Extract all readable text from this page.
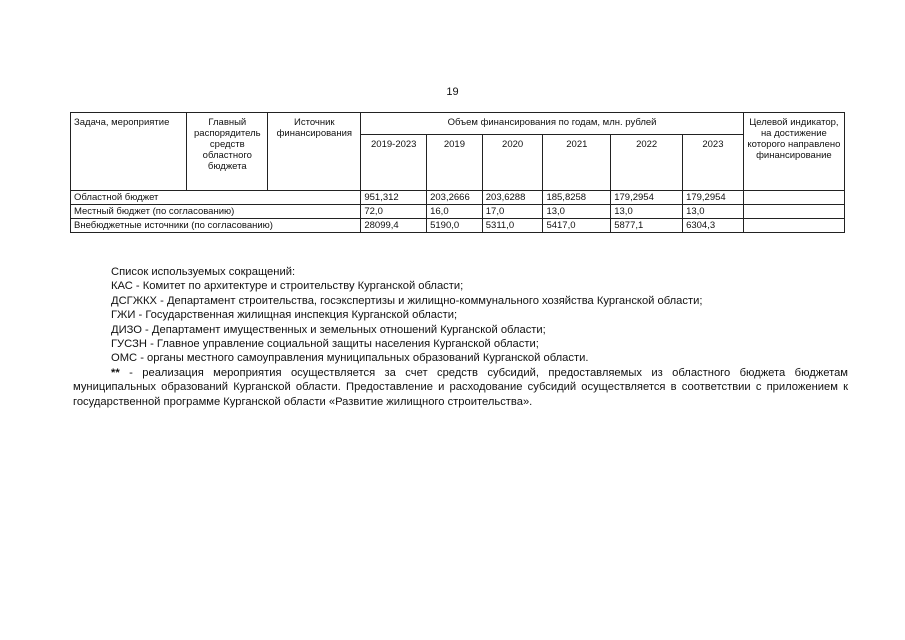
19
Задача, мероприятие	Главный распорядитель средств областного бюджета	Источник финансирования	Объем финансирования по годам, млн. рублей						Целевой индикатор, на достижение которого направлено финансирование
			2019-2023	2019	2020	2021	2022	2023	
Областной бюджет			951,312	203,2666	203,6288	185,8258	179,2954	179,2954	
Местный бюджет (по согласованию)			72,0	16,0	17,0	13,0	13,0	13,0	
Внебюджетные источники (по согласованию)			28099,4	5190,0	5311,0	5417,0	5877,1	6304,3	

Список используемых сокращений:

КАС - Комитет по архитектуре и строительству Курганской области;

ДСГЖКХ - Департамент строительства, госэкспертизы и жилищно-коммунального хозяйства Курганской области;

ГЖИ - Государственная жилищная инспекция Курганской области;

ДИЗО - Департамент имущественных и земельных отношений Курганской области;

ГУСЗН - Главное управление социальной защиты населения Курганской области;

ОМС - органы местного самоуправления муниципальных образований Курганской области.

** - реализация мероприятия осуществляется за счет средств субсидий, предоставляемых из областного бюджета бюджетам муниципальных образований Курганской области. Предоставление и расходование субсидий осуществляется в соответствии с приложением к государственной программе Курганской области «Развитие жилищного строительства».
